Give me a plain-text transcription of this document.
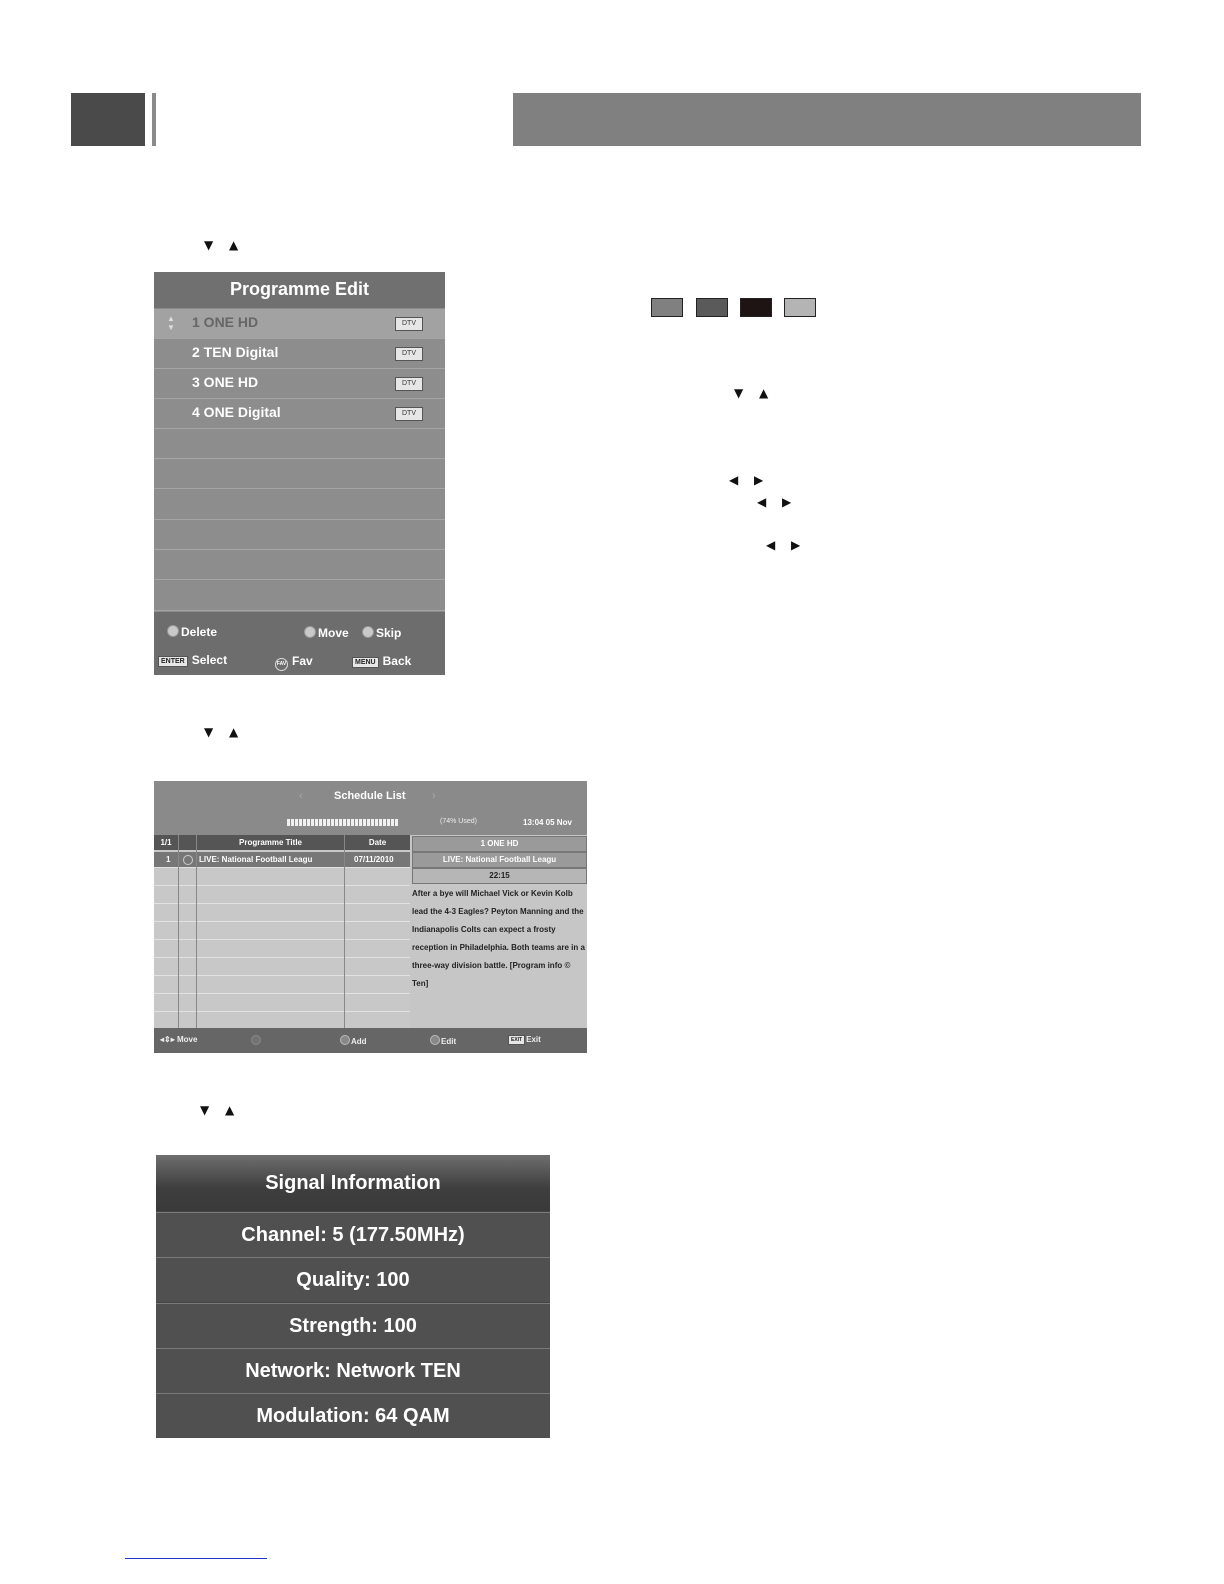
▼ ▲
▼ ▲
◀ ▶
◀ ▶
◀ ▶
▼ ▲
▼ ▲
Programme Edit
▲
▼ 1 ONE HD	DTV
2 TEN Digital	DTV
3 ONE HD	DTV
4 ONE Digital	DTV
Delete	Move	Skip
ENTER Select	FAV Fav	MENU Back
‹	Schedule List ›
(74% Used)	13:04 05 Nov
1/1	Programme Title	Date
1	LIVE: National Football Leagu	07/11/2010
1 ONE HD
LIVE: National Football Leagu
22:15
After a bye will Michael Vick or Kevin Kolb lead the 4-3 Eagles? Peyton Manning and the Indianapolis Colts can expect a frosty reception in Philadelphia. Both teams are in a three-way division battle. [Program info © Ten]
◂⇕▸ Move	Add	Edit	EXIT Exit
Signal Information
Channel: 5 (177.50MHz)
Quality: 100
Strength: 100
Network: Network TEN
Modulation: 64 QAM
